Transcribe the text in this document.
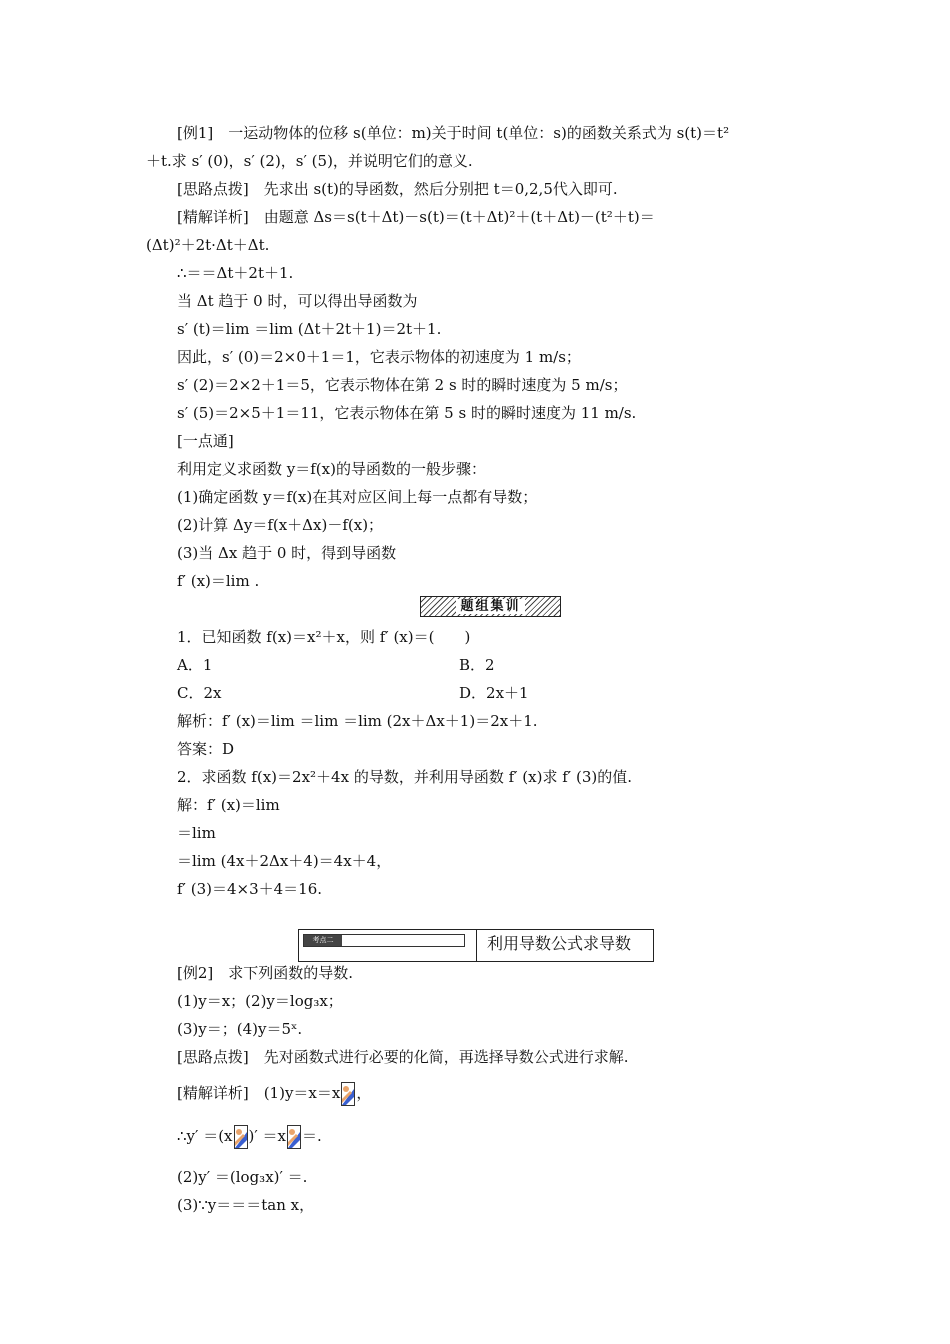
[例1]　一运动物体的位移 s(单位：m)关于时间 t(单位：s)的函数关系式为 s(t)＝t²
＋t.求 s′ (0)，s′ (2)，s′ (5)，并说明它们的意义.
[思路点拨]　先求出 s(t)的导函数，然后分别把 t＝0,2,5代入即可.
[精解详析]　由题意 Δs＝s(t＋Δt)－s(t)＝(t＋Δt)²＋(t＋Δt)－(t²＋t)＝
(Δt)²＋2t·Δt＋Δt.
∴＝＝Δt＋2t＋1.
当 Δt 趋于 0 时，可以得出导函数为
s′ (t)＝lim ＝lim (Δt＋2t＋1)＝2t＋1.
因此，s′ (0)＝2×0＋1＝1，它表示物体的初速度为 1 m/s；
s′ (2)＝2×2＋1＝5，它表示物体在第 2 s 时的瞬时速度为 5 m/s；
s′ (5)＝2×5＋1＝11，它表示物体在第 5 s 时的瞬时速度为 11 m/s.
[一点通]
利用定义求函数 y＝f(x)的导函数的一般步骤：
(1)确定函数 y＝f(x)在其对应区间上每一点都有导数；
(2)计算 Δy＝f(x＋Δx)－f(x)；
(3)当 Δx 趋于 0 时，得到导函数
f′ (x)＝lim .
题组集训
1．已知函数 f(x)＝x²＋x，则 f′ (x)＝(　　)
A．1	B．2
C．2x	D．2x＋1
解析：f′ (x)＝lim ＝lim ＝lim (2x＋Δx＋1)＝2x＋1.
答案：D
2．求函数 f(x)＝2x²＋4x 的导数，并利用导函数 f′ (x)求 f′ (3)的值.
解：f′ (x)＝lim
＝lim
＝lim (4x＋2Δx＋4)＝4x＋4，
f′ (3)＝4×3＋4＝16.
考点二	利用导数公式求导数
[例2]　求下列函数的导数.
(1)y＝x；(2)y＝log₃x；
(3)y＝；(4)y＝5ˣ.
[思路点拨]　先对函数式进行必要的化简，再选择导数公式进行求解.
[精解详析]　(1)y＝x＝x ，
∴y′ ＝(x )′ ＝x ＝.
(2)y′ ＝(log₃x)′ ＝.
(3)∵y＝＝＝tan x，
